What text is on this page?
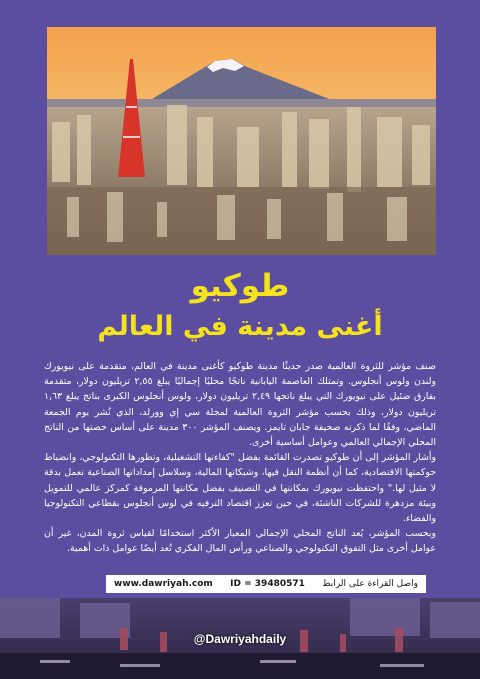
طوكيو
أغنى مدينة في العالم

صنف مؤشر للثروة العالمية صدر حديثًا مدينة طوكيو كأغنى مدينة في العالم، متقدمة على نيويورك ولندن ولوس أنجلوس. وتمتلك العاصمة اليابانية ناتجًا محليًا إجماليًا يبلغ ٢,٥٥ تريليون دولار، متقدمة بفارق ضئيل على نيويورك التي يبلغ ناتجها ٢,٤٩ تريليون دولار، ولوس أنجلوس الكبرى بناتج يبلغ ١,٦٣ تريليون دولار، وذلك بحسب مؤشر الثروة العالمية لمجلة سي إي وورلد، الذي نُشر يوم الجمعة الماضي، وفقًا لما ذكرته صحيفة جابان تايمز. ويصنف المؤشر ٣٠٠ مدينة على أساس حصتها من الناتج المحلي الإجمالي العالمي وعوامل أساسية أخرى.

وأشار المؤشر إلى أن طوكيو تصدرت القائمة بفضل "كفاءتها التشغيلية، وتطورها التكنولوجي، وانضباط حوكمتها الاقتصادية، كما أن أنظمة النقل فيها، وشبكاتها المالية، وسلاسل إمداداتها الصناعية تعمل بدقة لا مثيل لها." واحتفظت نيويورك بمكانتها في التصنيف بفضل مكانتها المرموقة كمركز عالمي للتمويل وبيئة مزدهرة للشركات الناشئة، في حين تعزز اقتصاد الترفيه في لوس أنجلوس بقطاعي التكنولوجيا والفضاء.

وبحسب المؤشر، يُعد الناتج المحلي الإجمالي المعيار الأكثر استخدامًا لقياس ثروة المدن، غير أن عوامل أخرى مثل التفوق التكنولوجي والصناعي ورأس المال الفكري تُعد أيضًا عوامل ذات أهمية.

www.dawriyah.com ID = 39480571 واصل القراءة على الرابط
@Dawriyahdaily
